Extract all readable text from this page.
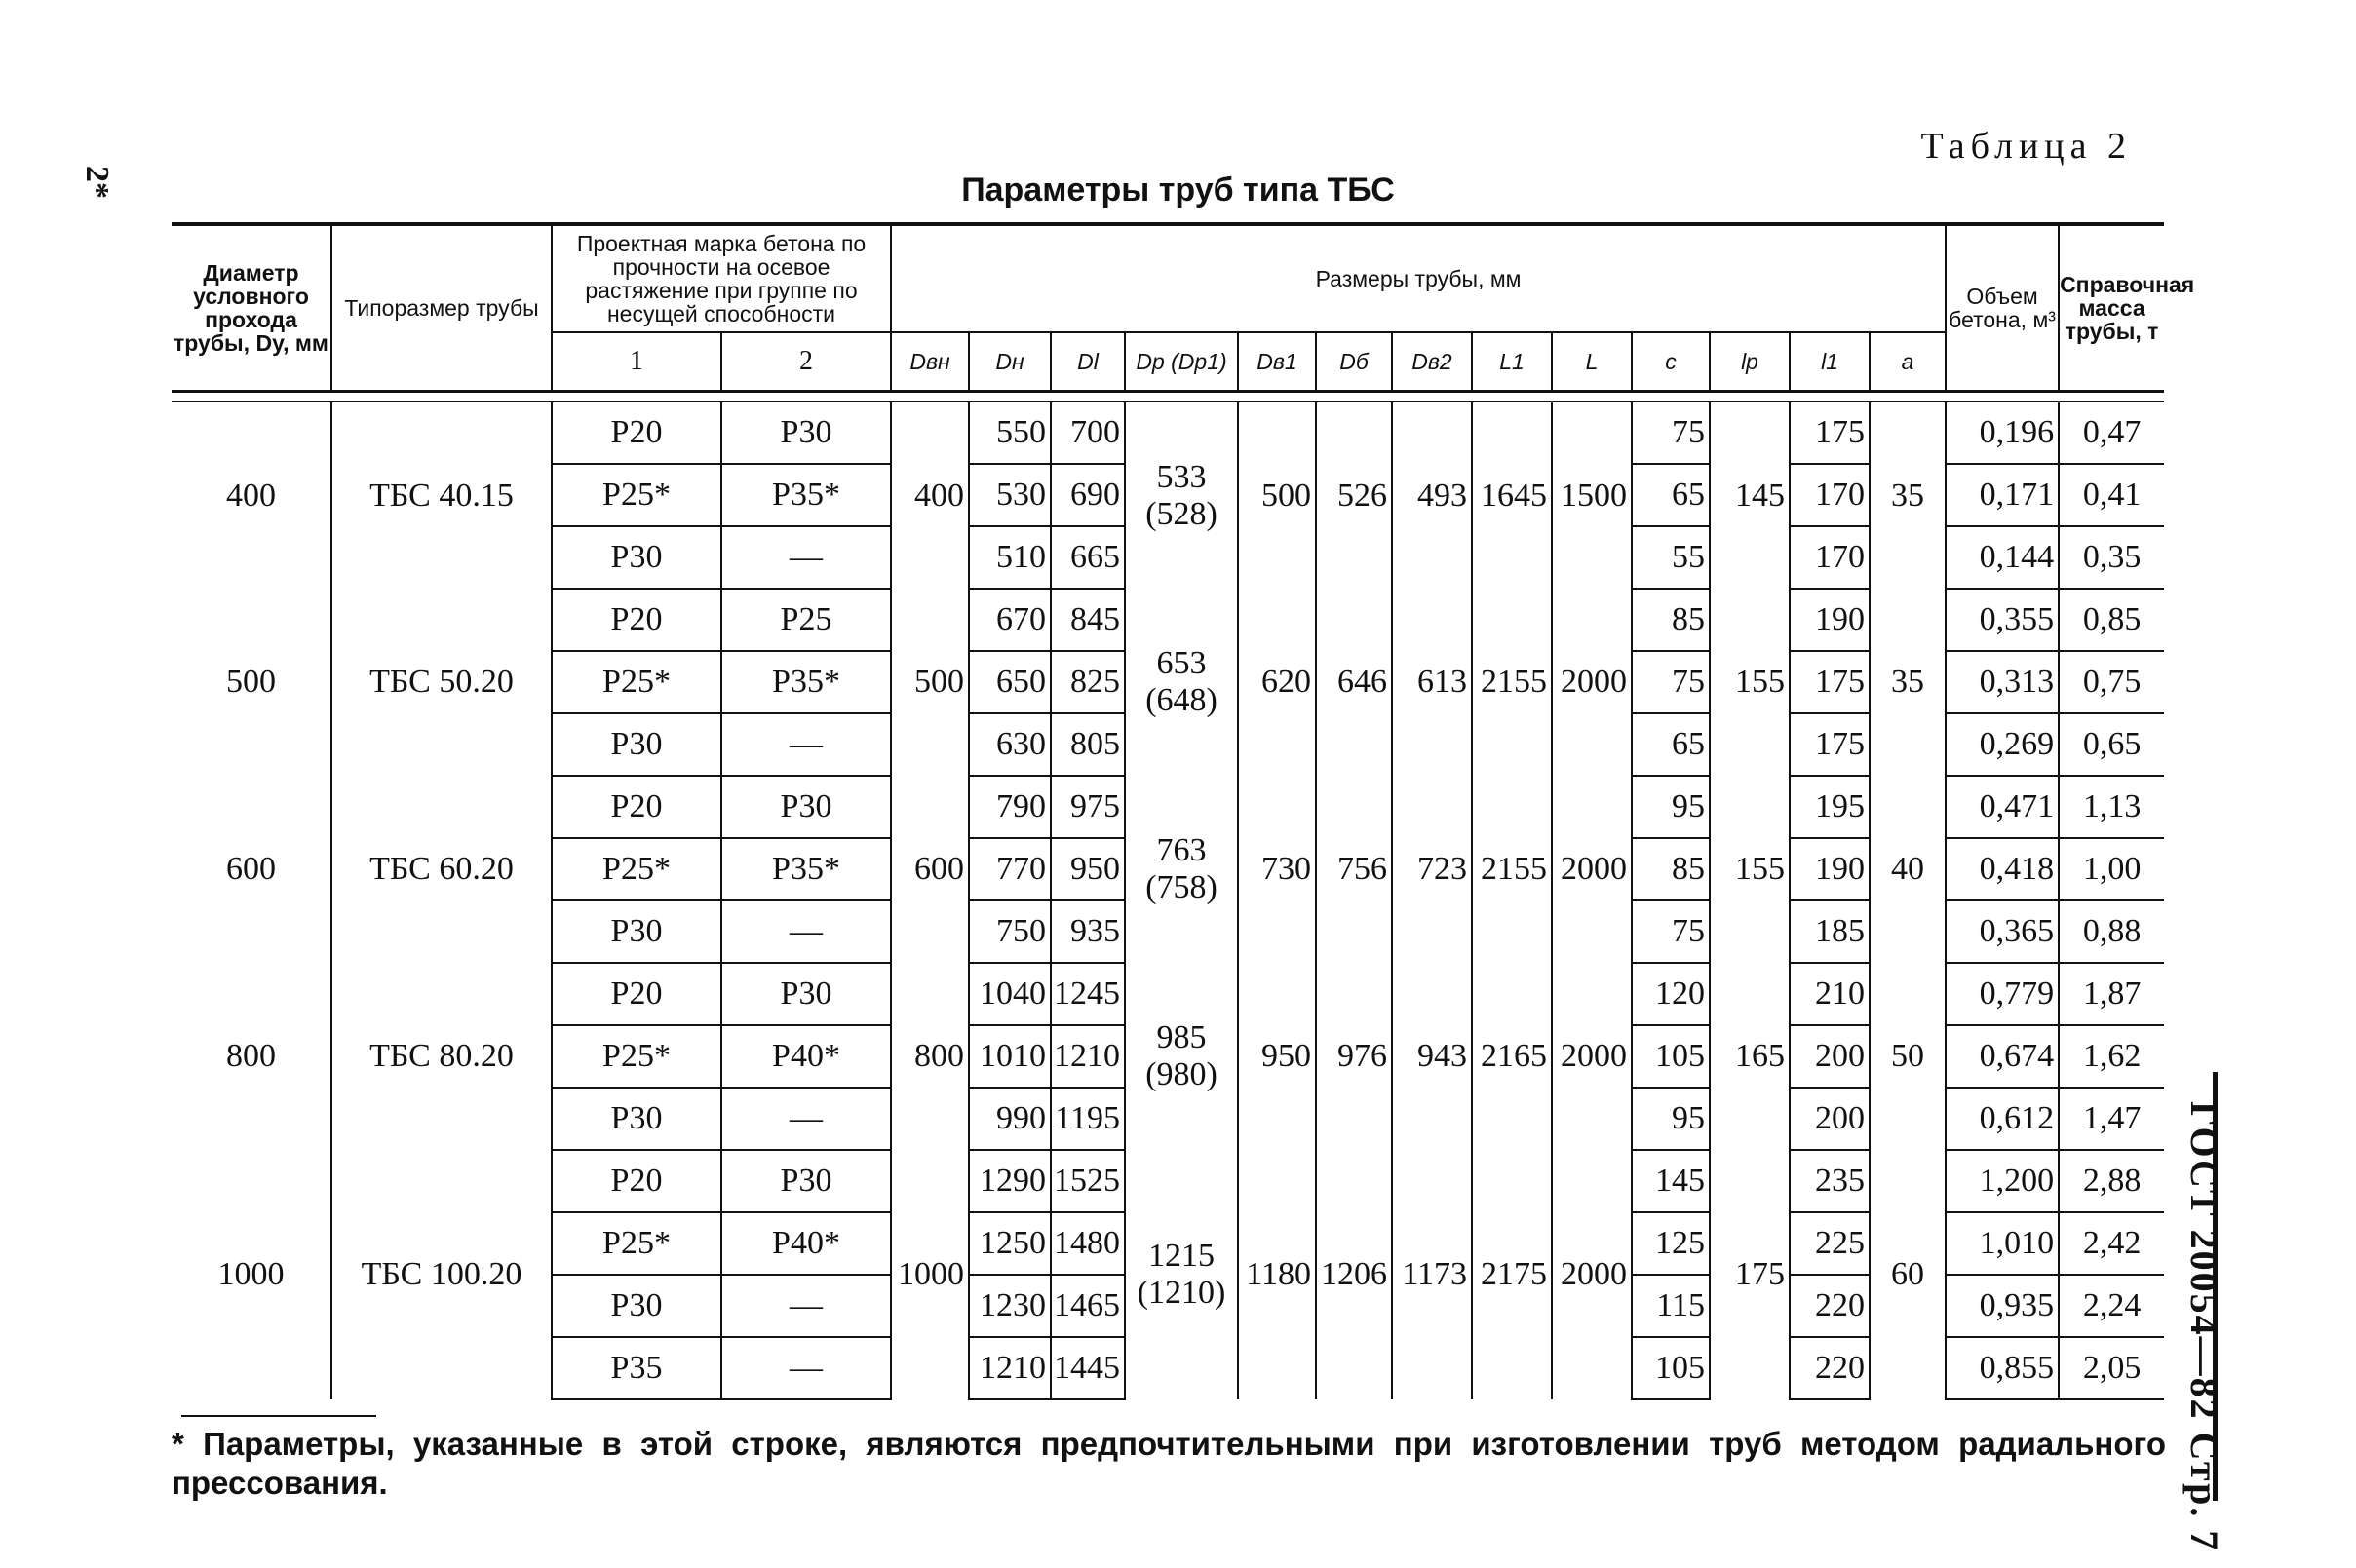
2*
ГОСТ 20054—82 Стр. 7
Таблица 2
Параметры труб типа ТБС
Диаметр условного прохода трубы, Dу, мм	Типоразмер трубы	Проектная марка бетона по прочности на осевое растяжение при группе по несущей способности		Размеры трубы, мм													Объем бетона, м³	Справочная масса трубы, т
		1	2	Dвн	Dн	Dl	Dр (Dр1)	Dв1	Dб	Dв2	L1	L	c	lр	l1	a		

400	ТБС 40.15	Р20	Р30	400	550	700	533 (528)	500	526	493	1645	1500	75	145	175	35	0,196	0,47
		Р25*	Р35*		530	690							65		170		0,171	0,41
		Р30	—		510	665							55		170		0,144	0,35
500	ТБС 50.20	Р20	Р25	500	670	845	653 (648)	620	646	613	2155	2000	85	155	190	35	0,355	0,85
		Р25*	Р35*		650	825							75		175		0,313	0,75
		Р30	—		630	805							65		175		0,269	0,65
600	ТБС 60.20	Р20	Р30	600	790	975	763 (758)	730	756	723	2155	2000	95	155	195	40	0,471	1,13
		Р25*	Р35*		770	950							85		190		0,418	1,00
		Р30	—		750	935							75		185		0,365	0,88
800	ТБС 80.20	Р20	Р30	800	1040	1245	985 (980)	950	976	943	2165	2000	120	165	210	50	0,779	1,87
		Р25*	Р40*		1010	1210							105		200		0,674	1,62
		Р30	—		990	1195							95		200		0,612	1,47
1000	ТБС 100.20	Р20	Р30	1000	1290	1525	1215 (1210)	1180	1206	1173	2175	2000	145	175	235	60	1,200	2,88
		Р25*	Р40*		1250	1480							125		225		1,010	2,42
		Р30	—		1230	1465							115		220		0,935	2,24
		Р35	—		1210	1445							105		220		0,855	2,05
* Параметры, указанные в этой строке, являются предпочтительными при изготовлении труб методом радиального прессования.
